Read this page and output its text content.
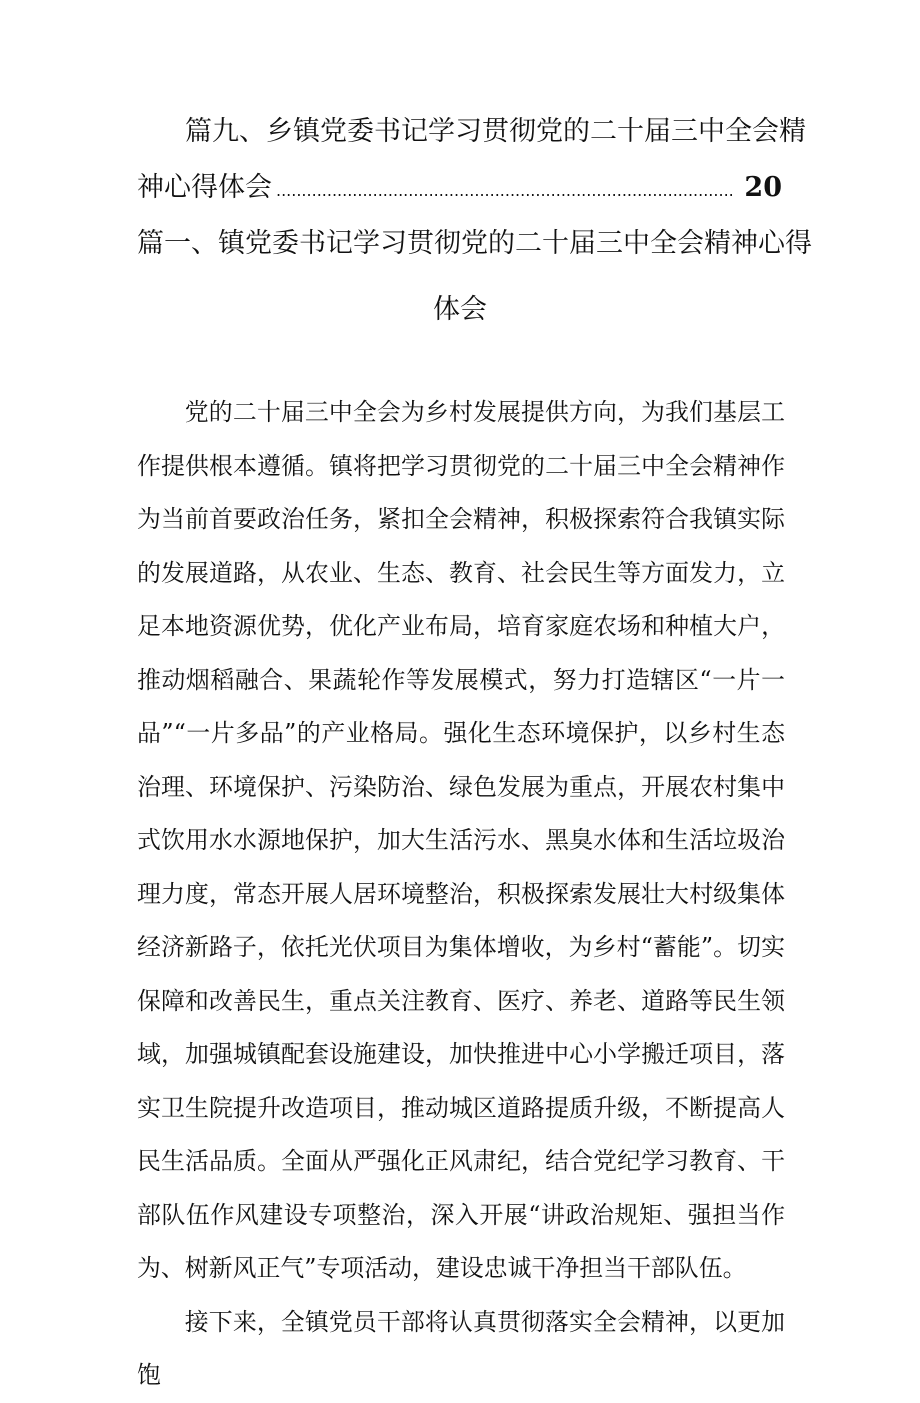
篇九、乡镇党委书记学习贯彻党的二十届三中全会精
神心得体会 .......................................................................................... 20
篇一、镇党委书记学习贯彻党的二十届三中全会精神心得
体会

党的二十届三中全会为乡村发展提供方向，为我们基层工作提供根本遵循。镇将把学习贯彻党的二十届三中全会精神作为当前首要政治任务，紧扣全会精神，积极探索符合我镇实际的发展道路，从农业、生态、教育、社会民生等方面发力，立足本地资源优势，优化产业布局，培育家庭农场和种植大户，推动烟稻融合、果蔬轮作等发展模式，努力打造辖区“一片一品”“一片多品”的产业格局。强化生态环境保护，以乡村生态治理、环境保护、污染防治、绿色发展为重点，开展农村集中式饮用水水源地保护，加大生活污水、黑臭水体和生活垃圾治理力度，常态开展人居环境整治，积极探索发展壮大村级集体经济新路子，依托光伏项目为集体增收，为乡村“蓄能”。切实保障和改善民生，重点关注教育、医疗、养老、道路等民生领域，加强城镇配套设施建设，加快推进中心小学搬迁项目，落实卫生院提升改造项目，推动城区道路提质升级，不断提高人民生活品质。全面从严强化正风肃纪，结合党纪学习教育、干部队伍作风建设专项整治，深入开展“讲政治规矩、强担当作为、树新风正气”专项活动，建设忠诚干净担当干部队伍。

接下来，全镇党员干部将认真贯彻落实全会精神，以更加饱
